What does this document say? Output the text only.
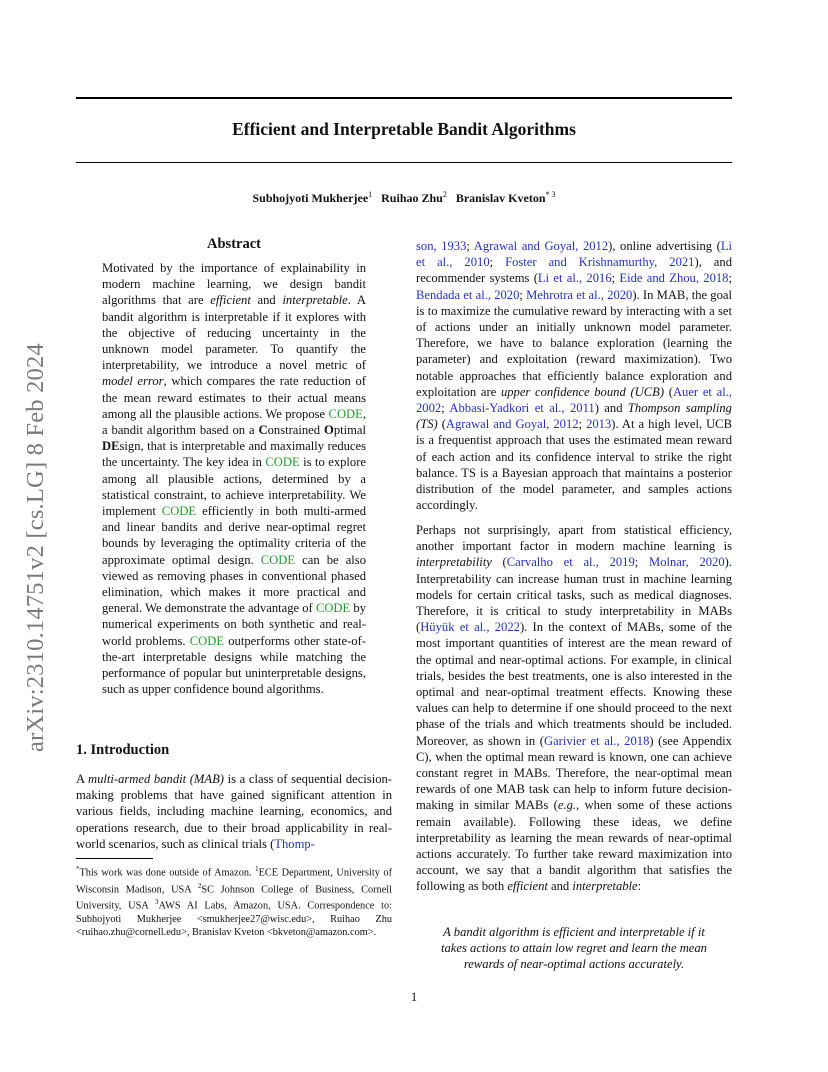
Efficient and Interpretable Bandit Algorithms
Subhojyoti Mukherjee$^1$ Ruihao Zhu$^2$ Branislav Kveton$^{* 3}$
arXiv:2310.14751v2 [cs.LG] 8 Feb 2024
Abstract

Motivated by the importance of explainability in modern machine learning, we design bandit algorithms that are efficient and interpretable. A bandit algorithm is interpretable if it explores with the objective of reducing uncertainty in the unknown model parameter. To quantify the interpretability, we introduce a novel metric of model error, which compares the rate reduction of the mean reward estimates to their actual means among all the plausible actions. We propose CODE, a bandit algorithm based on a Constrained Optimal DEsign, that is interpretable and maximally reduces the uncertainty. The key idea in CODE is to explore among all plausible actions, determined by a statistical constraint, to achieve interpretability. We implement CODE efficiently in both multi-armed and linear bandits and derive near-optimal regret bounds by leveraging the optimality criteria of the approximate optimal design. CODE can be also viewed as removing phases in conventional phased elimination, which makes it more practical and general. We demonstrate the advantage of CODE by numerical experiments on both synthetic and real-world problems. CODE outperforms other state-of-the-art interpretable designs while matching the performance of popular but uninterpretable designs, such as upper confidence bound algorithms.

1. Introduction

A multi-armed bandit (MAB) is a class of sequential decision-making problems that have gained significant attention in various fields, including machine learning, economics, and operations research, due to their broad applicability in real-world scenarios, such as clinical trials (Thomp-

*This work was done outside of Amazon. $^1$ECE Department, University of Wisconsin Madison, USA $^2$SC Johnson College of Business, Cornell University, USA $^3$AWS AI Labs, Amazon, USA. Correspondence to: Subhojyoti Mukherjee <smukherjee27@wisc.edu>, Ruihao Zhu <ruihao.zhu@cornell.edu>, Branislav Kveton <bkveton@amazon.com>.

son, 1933; Agrawal and Goyal, 2012), online advertising (Li et al., 2010; Foster and Krishnamurthy, 2021), and recommender systems (Li et al., 2016; Eide and Zhou, 2018; Bendada et al., 2020; Mehrotra et al., 2020). In MAB, the goal is to maximize the cumulative reward by interacting with a set of actions under an initially unknown model parameter. Therefore, we have to balance exploration (learning the parameter) and exploitation (reward maximization). Two notable approaches that efficiently balance exploration and exploitation are upper confidence bound (UCB) (Auer et al., 2002; Abbasi-Yadkori et al., 2011) and Thompson sampling (TS) (Agrawal and Goyal, 2012; 2013). At a high level, UCB is a frequentist approach that uses the estimated mean reward of each action and its confidence interval to strike the right balance. TS is a Bayesian approach that maintains a posterior distribution of the model parameter, and samples actions accordingly.

Perhaps not surprisingly, apart from statistical efficiency, another important factor in modern machine learning is interpretability (Carvalho et al., 2019; Molnar, 2020). Interpretability can increase human trust in machine learning models for certain critical tasks, such as medical diagnoses. Therefore, it is critical to study interpretability in MABs (Hüyük et al., 2022). In the context of MABs, some of the most important quantities of interest are the mean reward of the optimal and near-optimal actions. For example, in clinical trials, besides the best treatments, one is also interested in the optimal and near-optimal treatment effects. Knowing these values can help to determine if one should proceed to the next phase of the trials and which treatments should be included. Moreover, as shown in (Garivier et al., 2018) (see Appendix C), when the optimal mean reward is known, one can achieve constant regret in MABs. Therefore, the near-optimal mean rewards of one MAB task can help to inform future decision-making in similar MABs (e.g., when some of these actions remain available). Following these ideas, we define interpretability as learning the mean rewards of near-optimal actions accurately. To further take reward maximization into account, we say that a bandit algorithm that satisfies the following as both efficient and interpretable:

A bandit algorithm is efficient and interpretable if it takes actions to attain low regret and learn the mean rewards of near-optimal actions accurately.

1
